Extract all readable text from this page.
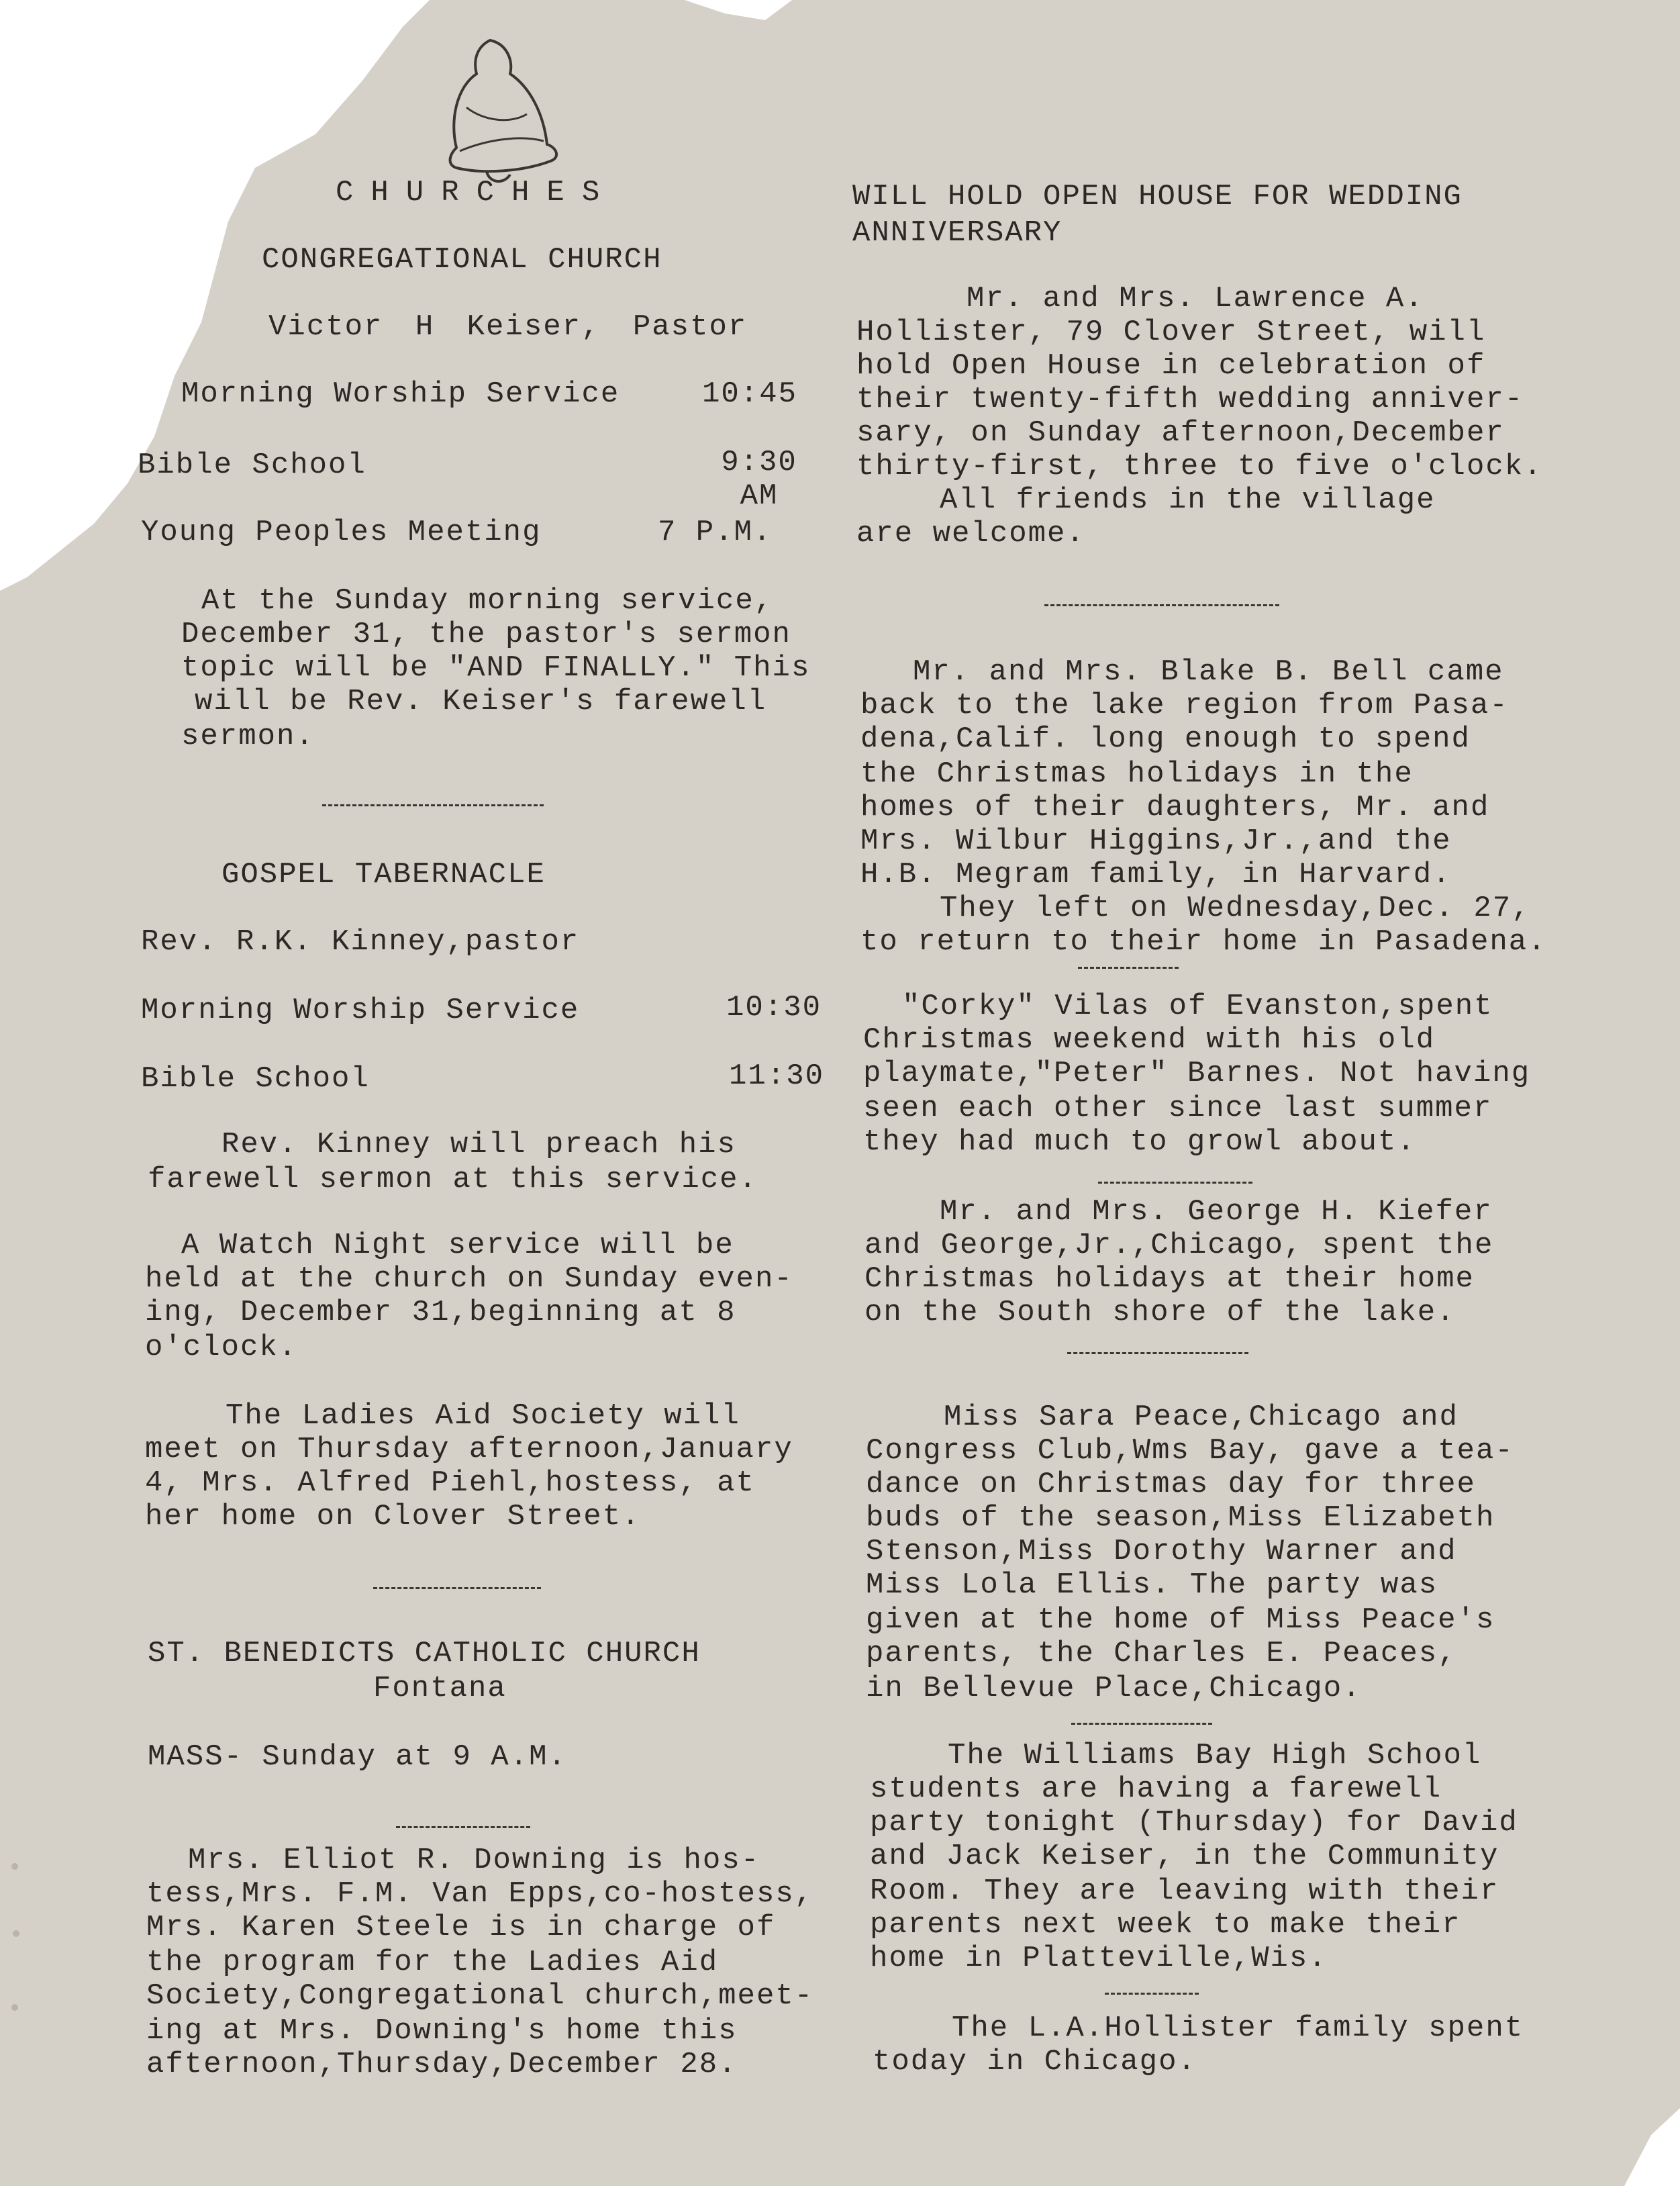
CHURCHES
CONGREGATIONAL CHURCH
Victor H Keiser, Pastor
Morning Worship Service	10:45
Bible School	9:30 AM
Young Peoples Meeting	7 P.M.
At the Sunday morning service,
December 31, the pastor's sermon
topic will be "AND FINALLY." This
will be Rev. Keiser's farewell
sermon.
GOSPEL TABERNACLE
Rev. R.K. Kinney,pastor
Morning Worship Service	10:30
Bible School	11:30
Rev. Kinney will preach his
farewell sermon at this service.
A Watch Night service will be
held at the church on Sunday even-
ing, December 31,beginning at 8
o'clock.
The Ladies Aid Society will
meet on Thursday afternoon,January
4, Mrs. Alfred Piehl,hostess, at
her home on Clover Street.
ST. BENEDICTS CATHOLIC CHURCH
Fontana
MASS- Sunday at 9 A.M.
Mrs. Elliot R. Downing is hos-
tess,Mrs. F.M. Van Epps,co-hostess,
Mrs. Karen Steele is in charge of
the program for the Ladies Aid
Society,Congregational church,meet-
ing at Mrs. Downing's home this
afternoon,Thursday,December 28.
WILL HOLD OPEN HOUSE FOR WEDDING
ANNIVERSARY
Mr. and Mrs. Lawrence A.
Hollister, 79 Clover Street, will
hold Open House in celebration of
their twenty-fifth wedding anniver-
sary, on Sunday afternoon,December
thirty-first, three to five o'clock.
All friends in the village
are welcome.
Mr. and Mrs. Blake B. Bell came
back to the lake region from Pasa-
dena,Calif. long enough to spend
the Christmas holidays in the
homes of their daughters, Mr. and
Mrs. Wilbur Higgins,Jr.,and the
H.B. Megram family, in Harvard.
They left on Wednesday,Dec. 27,
to return to their home in Pasadena.
"Corky" Vilas of Evanston,spent
Christmas weekend with his old
playmate,"Peter" Barnes. Not having
seen each other since last summer
they had much to growl about.
Mr. and Mrs. George H. Kiefer
and George,Jr.,Chicago, spent the
Christmas holidays at their home
on the South shore of the lake.
Miss Sara Peace,Chicago and
Congress Club,Wms Bay, gave a tea-
dance on Christmas day for three
buds of the season,Miss Elizabeth
Stenson,Miss Dorothy Warner and
Miss Lola Ellis. The party was
given at the home of Miss Peace's
parents, the Charles E. Peaces,
in Bellevue Place,Chicago.
The Williams Bay High School
students are having a farewell
party tonight (Thursday) for David
and Jack Keiser, in the Community
Room. They are leaving with their
parents next week to make their
home in Platteville,Wis.
The L.A.Hollister family spent
today in Chicago.
